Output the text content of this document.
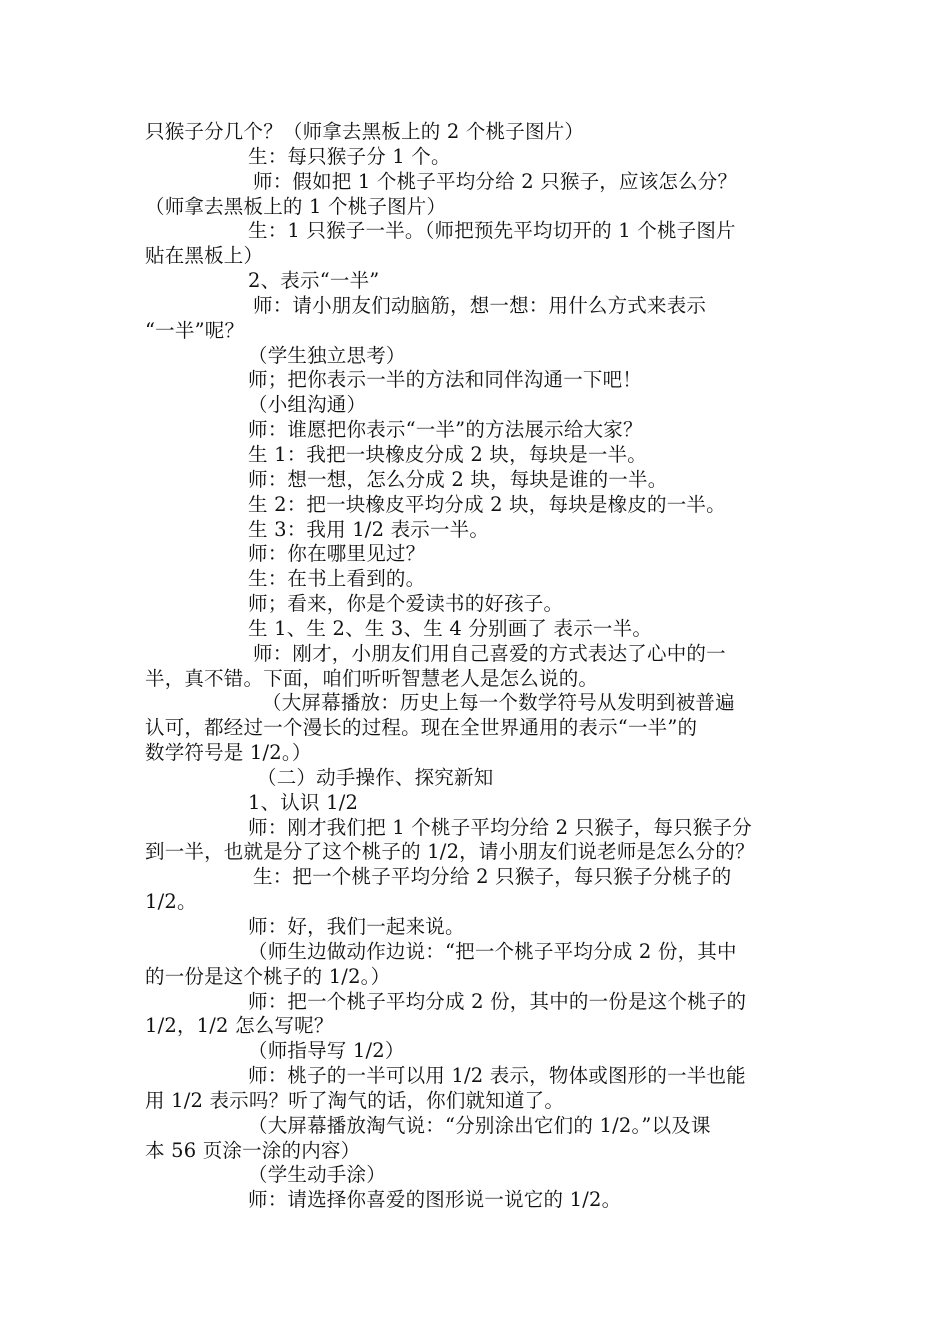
只猴子分几个？（师拿去黑板上的 2 个桃子图片）
生：每只猴子分 1 个。
师：假如把 1 个桃子平均分给 2 只猴子，应该怎么分？
（师拿去黑板上的 1 个桃子图片）
生：1 只猴子一半。（师把预先平均切开的 1 个桃子图片
贴在黑板上）
2、表示“一半”
师：请小朋友们动脑筋，想一想：用什么方式来表示
“一半”呢？
（学生独立思考）
师；把你表示一半的方法和同伴沟通一下吧！
（小组沟通）
师：谁愿把你表示“一半”的方法展示给大家？
生 1：我把一块橡皮分成 2 块，每块是一半。
师：想一想，怎么分成 2 块，每块是谁的一半。
生 2：把一块橡皮平均分成 2 块，每块是橡皮的一半。
生 3：我用 1/2 表示一半。
师：你在哪里见过？
生：在书上看到的。
师；看来，你是个爱读书的好孩子。
生 1、生 2、生 3、生 4 分别画了 表示一半。
师：刚才，小朋友们用自己喜爱的方式表达了心中的一
半，真不错。下面，咱们听听智慧老人是怎么说的。
（大屏幕播放：历史上每一个数学符号从发明到被普遍
认可，都经过一个漫长的过程。现在全世界通用的表示“一半”的
数学符号是 1/2。）
（二）动手操作、探究新知
1、认识 1/2
师：刚才我们把 1 个桃子平均分给 2 只猴子，每只猴子分
到一半，也就是分了这个桃子的 1/2，请小朋友们说老师是怎么分的？
生：把一个桃子平均分给 2 只猴子，每只猴子分桃子的
1/2。
师：好，我们一起来说。
（师生边做动作边说：“把一个桃子平均分成 2 份，其中
的一份是这个桃子的 1/2。）
师：把一个桃子平均分成 2 份，其中的一份是这个桃子的
1/2，1/2 怎么写呢？
（师指导写 1/2）
师：桃子的一半可以用 1/2 表示，物体或图形的一半也能
用 1/2 表示吗？听了淘气的话，你们就知道了。
（大屏幕播放淘气说：“分别涂出它们的 1/2。”以及课
本 56 页涂一涂的内容）
（学生动手涂）
师：请选择你喜爱的图形说一说它的 1/2。
